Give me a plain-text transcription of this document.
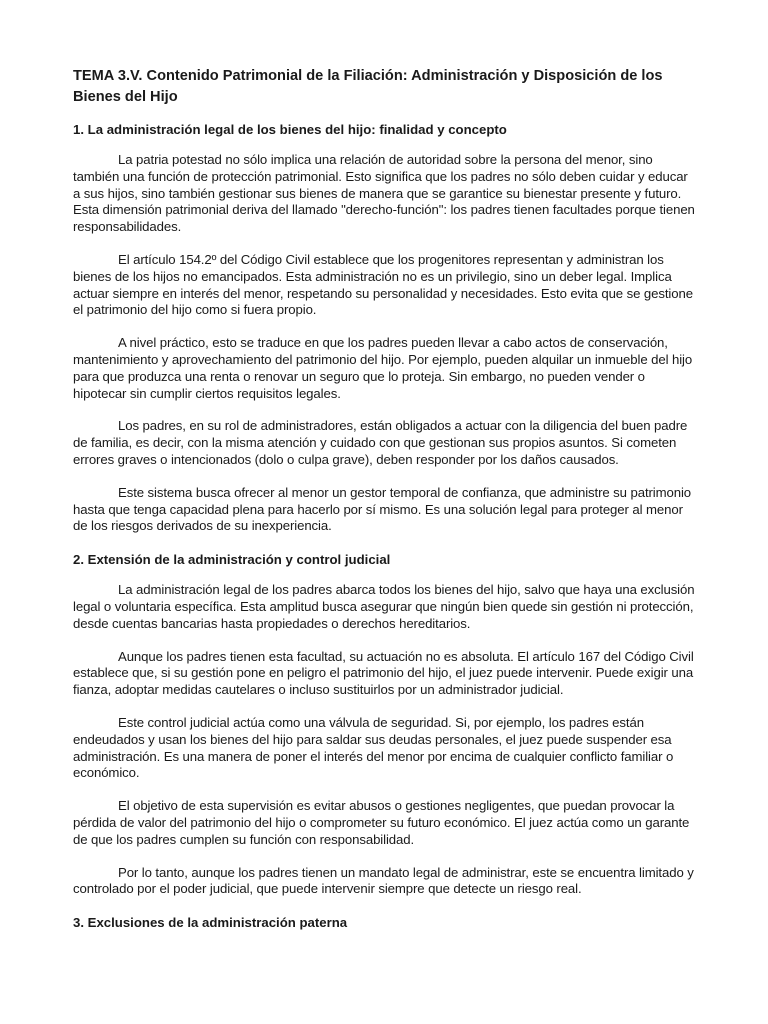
TEMA 3.V. Contenido Patrimonial de la Filiación: Administración y Disposición de los Bienes del Hijo
1. La administración legal de los bienes del hijo: finalidad y concepto

La patria potestad no sólo implica una relación de autoridad sobre la persona del menor, sino también una función de protección patrimonial. Esto significa que los padres no sólo deben cuidar y educar a sus hijos, sino también gestionar sus bienes de manera que se garantice su bienestar presente y futuro. Esta dimensión patrimonial deriva del llamado "derecho-función": los padres tienen facultades porque tienen responsabilidades.

El artículo 154.2º del Código Civil establece que los progenitores representan y administran los bienes de los hijos no emancipados. Esta administración no es un privilegio, sino un deber legal. Implica actuar siempre en interés del menor, respetando su personalidad y necesidades. Esto evita que se gestione el patrimonio del hijo como si fuera propio.

A nivel práctico, esto se traduce en que los padres pueden llevar a cabo actos de conservación, mantenimiento y aprovechamiento del patrimonio del hijo. Por ejemplo, pueden alquilar un inmueble del hijo para que produzca una renta o renovar un seguro que lo proteja. Sin embargo, no pueden vender o hipotecar sin cumplir ciertos requisitos legales.

Los padres, en su rol de administradores, están obligados a actuar con la diligencia del buen padre de familia, es decir, con la misma atención y cuidado con que gestionan sus propios asuntos. Si cometen errores graves o intencionados (dolo o culpa grave), deben responder por los daños causados.

Este sistema busca ofrecer al menor un gestor temporal de confianza, que administre su patrimonio hasta que tenga capacidad plena para hacerlo por sí mismo. Es una solución legal para proteger al menor de los riesgos derivados de su inexperiencia.

2. Extensión de la administración y control judicial

La administración legal de los padres abarca todos los bienes del hijo, salvo que haya una exclusión legal o voluntaria específica. Esta amplitud busca asegurar que ningún bien quede sin gestión ni protección, desde cuentas bancarias hasta propiedades o derechos hereditarios.

Aunque los padres tienen esta facultad, su actuación no es absoluta. El artículo 167 del Código Civil establece que, si su gestión pone en peligro el patrimonio del hijo, el juez puede intervenir. Puede exigir una fianza, adoptar medidas cautelares o incluso sustituirlos por un administrador judicial.

Este control judicial actúa como una válvula de seguridad. Si, por ejemplo, los padres están endeudados y usan los bienes del hijo para saldar sus deudas personales, el juez puede suspender esa administración. Es una manera de poner el interés del menor por encima de cualquier conflicto familiar o económico.

El objetivo de esta supervisión es evitar abusos o gestiones negligentes, que puedan provocar la pérdida de valor del patrimonio del hijo o comprometer su futuro económico. El juez actúa como un garante de que los padres cumplen su función con responsabilidad.

Por lo tanto, aunque los padres tienen un mandato legal de administrar, este se encuentra limitado y controlado por el poder judicial, que puede intervenir siempre que detecte un riesgo real.

3. Exclusiones de la administración paterna
